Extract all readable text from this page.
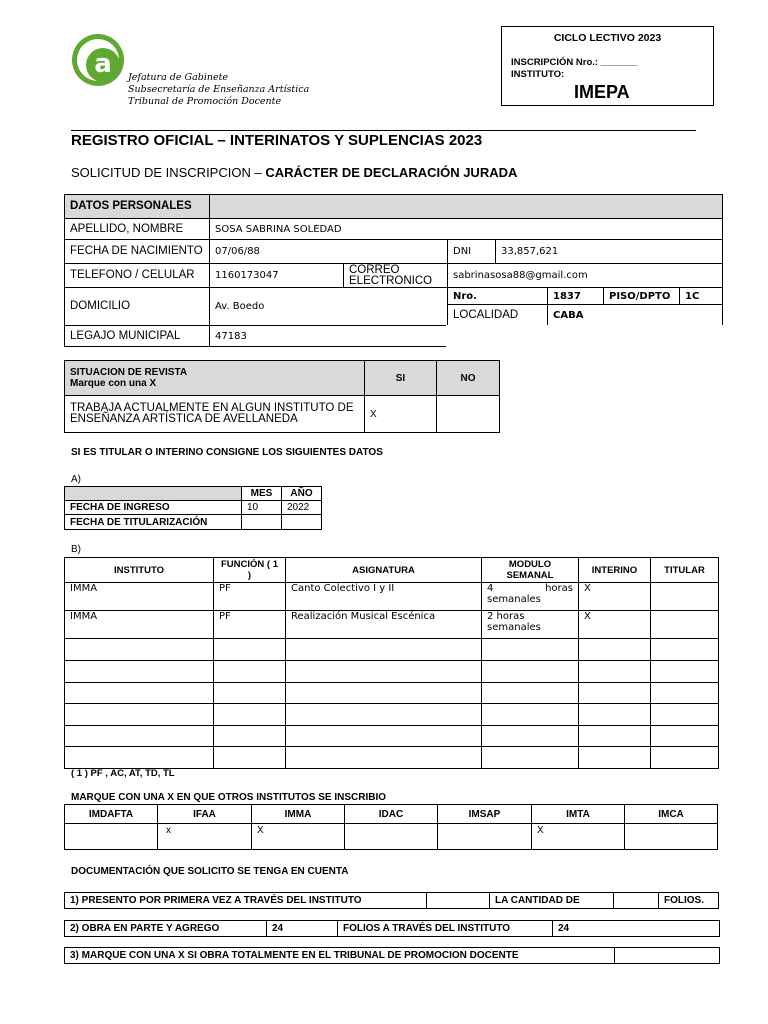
a	Jefatura de Gabinete
Subsecretaría de Enseñanza Artística
Tribunal de Promoción Docente
CICLO LECTIVO 2023
INSCRIPCIÓN Nro.: _______
INSTITUTO:
IMEPA
REGISTRO OFICIAL – INTERINATOS Y SUPLENCIAS 2023
SOLICITUD DE INSCRIPCION – CARÁCTER DE DECLARACIÓN JURADA
DATOS PERSONALES							
APELLIDO, NOMBRE	SOSA SABRINA SOLEDAD						
FECHA DE NACIMIENTO	07/06/88		DNI	33,857,621			
TELEFONO / CELULAR	1160173047	CORREO ELECTRONICO	sabrinasosa88@gmail.com				
DOMICILIO	Av. Boedo		Nro.		1837	PISO/DPTO	1C
			LOCALIDAD		CABA		
LEGAJO MUNICIPAL	47183						
SITUACION DE REVISTA
Marque con una X	SI	NO
TRABAJA ACTUALMENTE EN ALGUN INSTITUTO DE ENSEÑANZA ARTÍSTICA DE AVELLANEDA	X	
SI ES TITULAR O INTERINO CONSIGNE LOS SIGUIENTES DATOS
A)
	MES	AÑO
FECHA DE INGRESO	10	2022
FECHA DE TITULARIZACIÓN		
B)
INSTITUTO	FUNCIÓN ( 1 )	ASIGNATURA	MODULO SEMANAL	INTERINO	TITULAR
IMMA	PF	Canto Colectivo I y II	4 horas semanales	X	
IMMA	PF	Realización Musical Escénica	2 horas semanales	X	

( 1 ) PF , AC, AT, TD, TL
MARQUE CON UNA X EN QUE OTROS INSTITUTOS SE INSCRIBIO
IMDAFTA	IFAA	IMMA	IDAC	IMSAP	IMTA	IMCA
	x	X			X	
DOCUMENTACIÓN QUE SOLICITO SE TENGA EN CUENTA
1) PRESENTO POR PRIMERA VEZ A TRAVÉS DEL INSTITUTO		LA CANTIDAD DE		FOLIOS.
2) OBRA EN PARTE Y AGREGO	24	FOLIOS A TRAVÉS DEL INSTITUTO	24
3) MARQUE CON UNA X SI OBRA TOTALMENTE EN EL TRIBUNAL DE PROMOCION DOCENTE	
